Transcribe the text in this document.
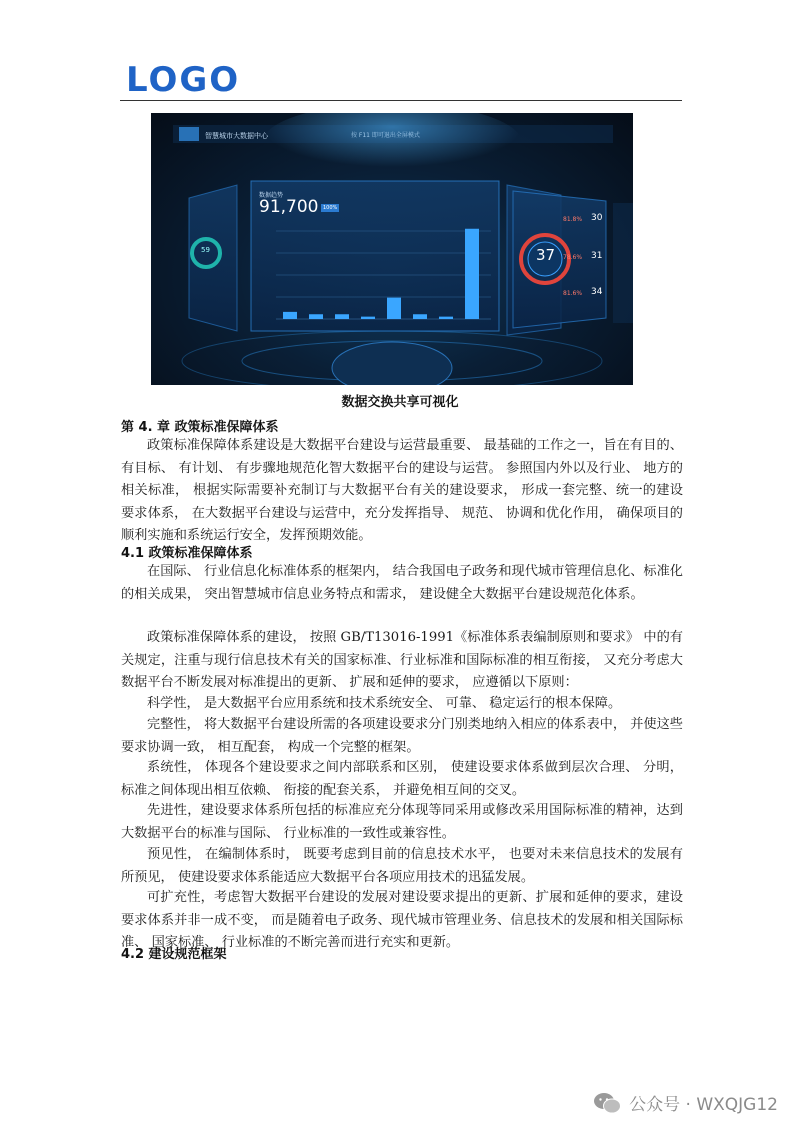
LOGO
智慧城市大数据中心	按 F11 即可退出全屏模式
数据趋势
91,700 100%
59	37
81.8% 30
78.6% 31
81.6% 34
数据交换共享可视化
第 4. 章 政策标准保障体系
政策标准保障体系建设是大数据平台建设与运营最重要、 最基础的工作之一，旨在有目的、 有目标、 有计划、 有步骤地规范化智大数据平台的建设与运营。 参照国内外以及行业、 地方的相关标准， 根据实际需要补充制订与大数据平台有关的建设要求， 形成一套完整、统一的建设要求体系， 在大数据平台建设与运营中，充分发挥指导、 规范、 协调和优化作用， 确保项目的顺利实施和系统运行安全，发挥预期效能。
4.1 政策标准保障体系
在国际、 行业信息化标准体系的框架内， 结合我国电子政务和现代城市管理信息化、标准化的相关成果， 突出智慧城市信息业务特点和需求， 建设健全大数据平台建设规范化体系。
政策标准保障体系的建设， 按照 GB/T13016-1991《标准体系表编制原则和要求》 中的有关规定，注重与现行信息技术有关的国家标准、行业标准和国际标准的相互衔接， 又充分考虑大数据平台不断发展对标准提出的更新、 扩展和延伸的要求， 应遵循以下原则：
科学性， 是大数据平台应用系统和技术系统安全、 可靠、 稳定运行的根本保障。
完整性， 将大数据平台建设所需的各项建设要求分门别类地纳入相应的体系表中， 并使这些要求协调一致， 相互配套， 构成一个完整的框架。
系统性， 体现各个建设要求之间内部联系和区别， 使建设要求体系做到层次合理、 分明， 标准之间体现出相互依赖、 衔接的配套关系， 并避免相互间的交叉。
先进性，建设要求体系所包括的标准应充分体现等同采用或修改采用国际标准的精神，达到大数据平台的标准与国际、 行业标准的一致性或兼容性。
预见性， 在编制体系时， 既要考虑到目前的信息技术水平， 也要对未来信息技术的发展有所预见， 使建设要求体系能适应大数据平台各项应用技术的迅猛发展。
可扩充性，考虑智大数据平台建设的发展对建设要求提出的更新、扩展和延伸的要求，建设要求体系并非一成不变， 而是随着电子政务、现代城市管理业务、信息技术的发展和相关国际标准、 国家标准、 行业标准的不断完善而进行充实和更新。
4.2 建设规范框架
公众号 · WXQJG12
